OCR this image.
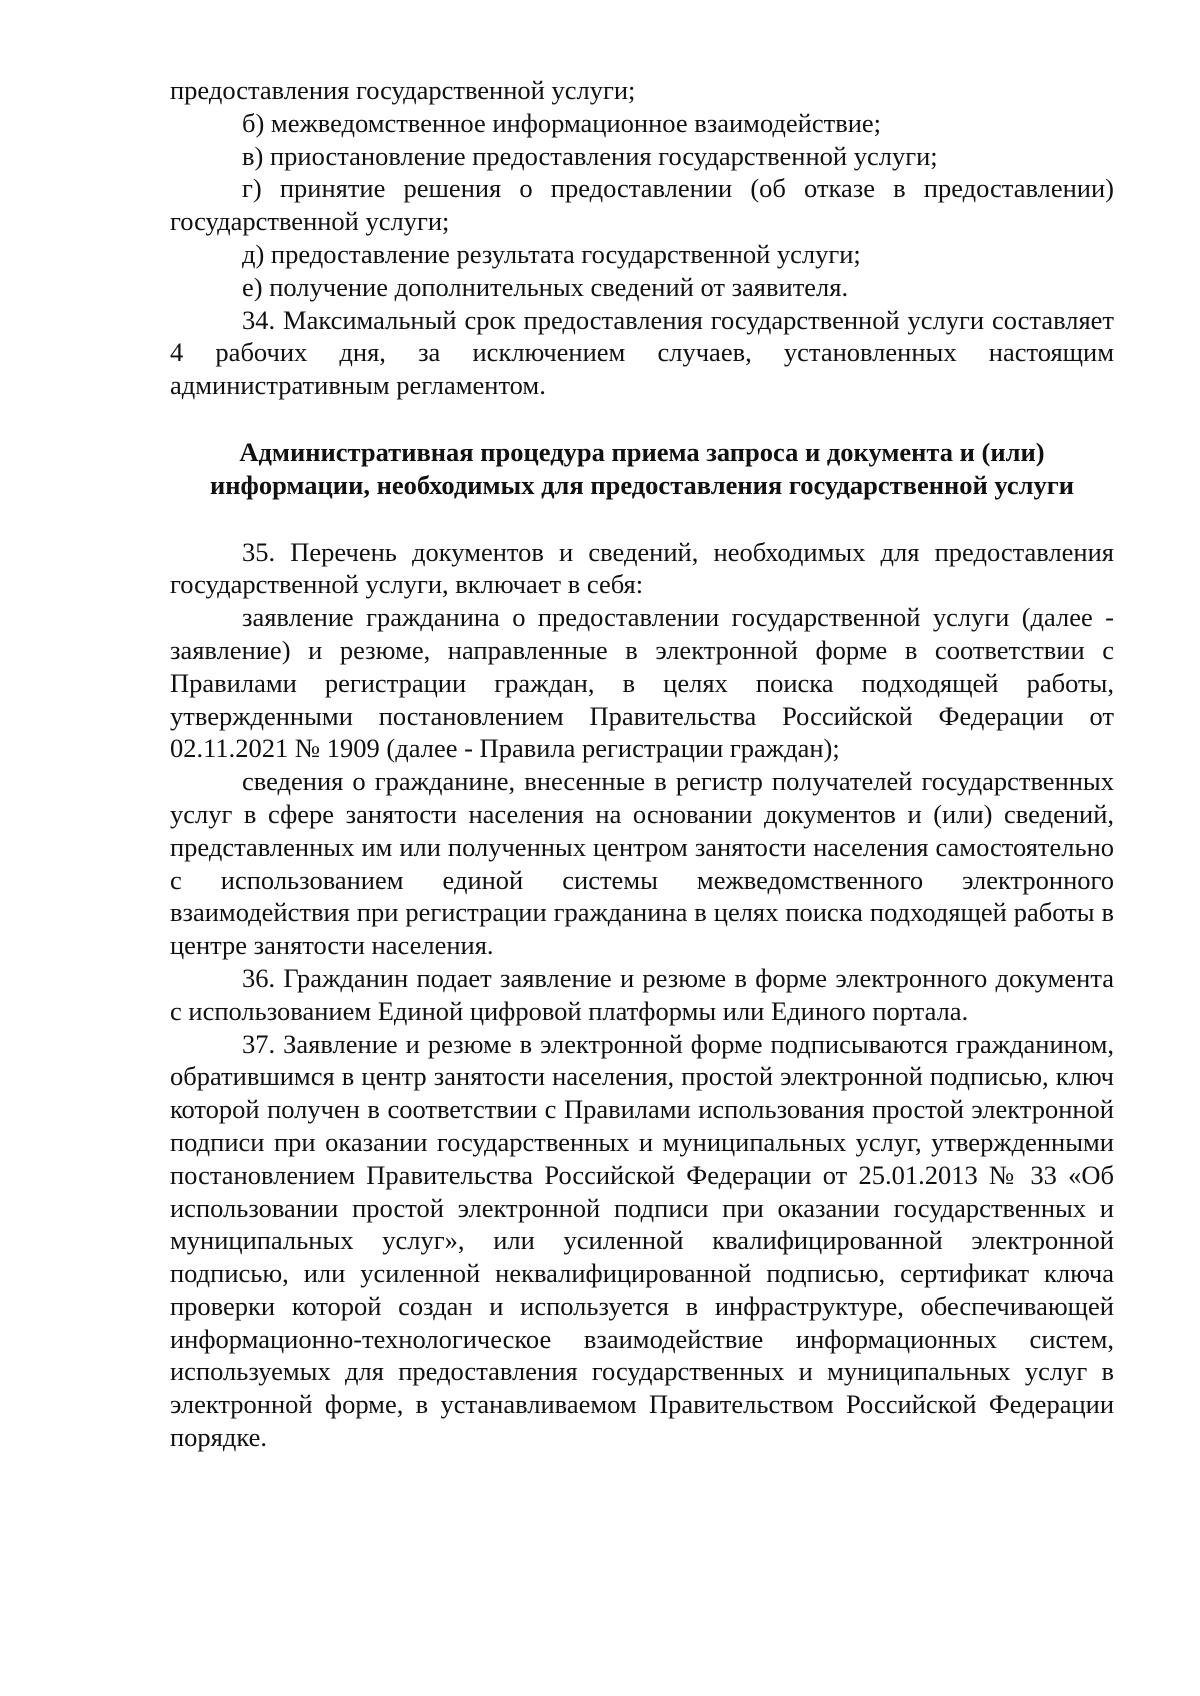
предоставления государственной услуги;

б) межведомственное информационное взаимодействие;

в) приостановление предоставления государственной услуги;

г) принятие решения о предоставлении (об отказе в предоставлении) государственной услуги;

д) предоставление результата государственной услуги;

е) получение дополнительных сведений от заявителя.

34. Максимальный срок предоставления государственной услуги составляет 4 рабочих дня, за исключением случаев, установленных настоящим административным регламентом.

Административная процедура приема запроса и документа и (или) информации, необходимых для предоставления государственной услуги

35. Перечень документов и сведений, необходимых для предоставления государственной услуги, включает в себя:

заявление гражданина о предоставлении государственной услуги (далее - заявление) и резюме, направленные в электронной форме в соответствии с Правилами регистрации граждан, в целях поиска подходящей работы, утвержденными постановлением Правительства Российской Федерации от 02.11.2021 № 1909 (далее - Правила регистрации граждан);

сведения о гражданине, внесенные в регистр получателей государственных услуг в сфере занятости населения на основании документов и (или) сведений, представленных им или полученных центром занятости населения самостоятельно с использованием единой системы межведомственного электронного взаимодействия при регистрации гражданина в целях поиска подходящей работы в центре занятости населения.

36. Гражданин подает заявление и резюме в форме электронного документа с использованием Единой цифровой платформы или Единого портала.

37. Заявление и резюме в электронной форме подписываются гражданином, обратившимся в центр занятости населения, простой электронной подписью, ключ которой получен в соответствии с Правилами использования простой электронной подписи при оказании государственных и муниципальных услуг, утвержденными постановлением Правительства Российской Федерации от 25.01.2013 № 33 «Об использовании простой электронной подписи при оказании государственных и муниципальных услуг», или усиленной квалифицированной электронной подписью, или усиленной неквалифицированной подписью, сертификат ключа проверки которой создан и используется в инфраструктуре, обеспечивающей информационно-технологическое взаимодействие информационных систем, используемых для предоставления государственных и муниципальных услуг в электронной форме, в устанавливаемом Правительством Российской Федерации порядке.
